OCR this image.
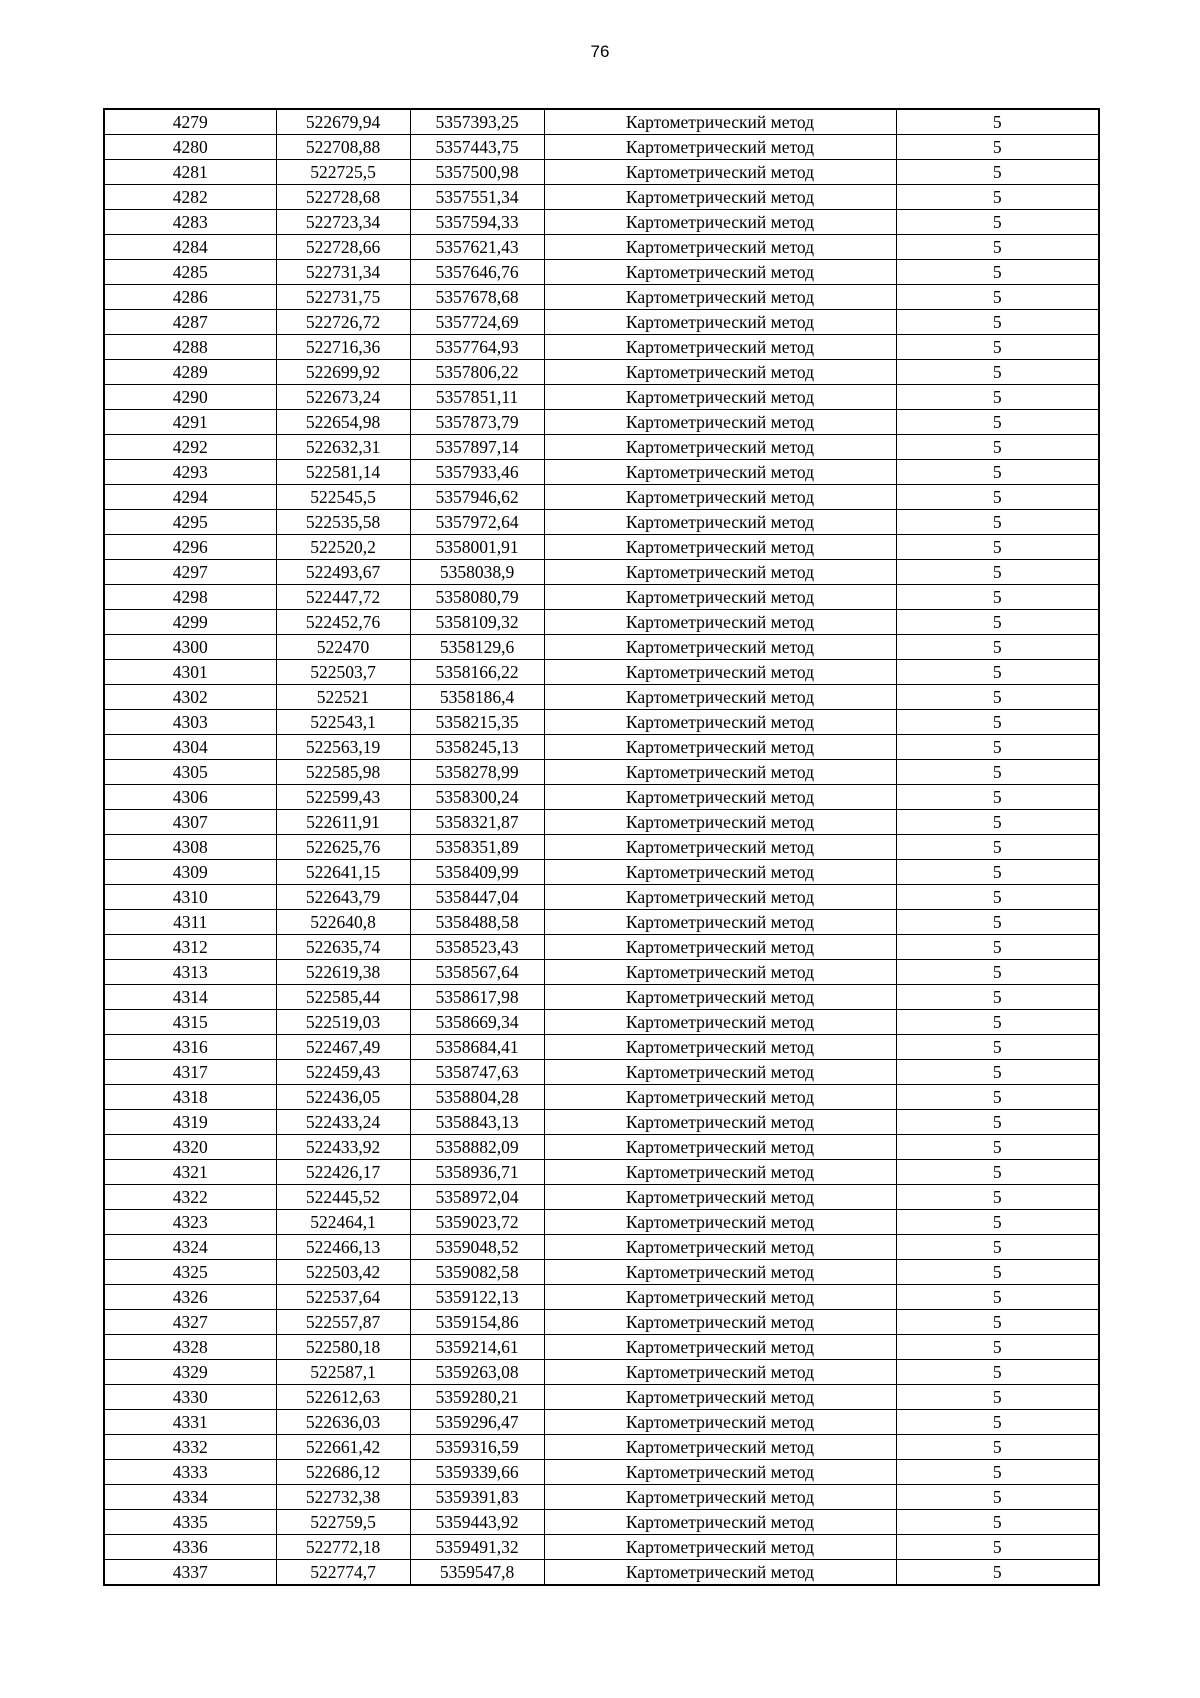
76
4279	522679,94	5357393,25	Картометрический метод	5
4280	522708,88	5357443,75	Картометрический метод	5
4281	522725,5	5357500,98	Картометрический метод	5
4282	522728,68	5357551,34	Картометрический метод	5
4283	522723,34	5357594,33	Картометрический метод	5
4284	522728,66	5357621,43	Картометрический метод	5
4285	522731,34	5357646,76	Картометрический метод	5
4286	522731,75	5357678,68	Картометрический метод	5
4287	522726,72	5357724,69	Картометрический метод	5
4288	522716,36	5357764,93	Картометрический метод	5
4289	522699,92	5357806,22	Картометрический метод	5
4290	522673,24	5357851,11	Картометрический метод	5
4291	522654,98	5357873,79	Картометрический метод	5
4292	522632,31	5357897,14	Картометрический метод	5
4293	522581,14	5357933,46	Картометрический метод	5
4294	522545,5	5357946,62	Картометрический метод	5
4295	522535,58	5357972,64	Картометрический метод	5
4296	522520,2	5358001,91	Картометрический метод	5
4297	522493,67	5358038,9	Картометрический метод	5
4298	522447,72	5358080,79	Картометрический метод	5
4299	522452,76	5358109,32	Картометрический метод	5
4300	522470	5358129,6	Картометрический метод	5
4301	522503,7	5358166,22	Картометрический метод	5
4302	522521	5358186,4	Картометрический метод	5
4303	522543,1	5358215,35	Картометрический метод	5
4304	522563,19	5358245,13	Картометрический метод	5
4305	522585,98	5358278,99	Картометрический метод	5
4306	522599,43	5358300,24	Картометрический метод	5
4307	522611,91	5358321,87	Картометрический метод	5
4308	522625,76	5358351,89	Картометрический метод	5
4309	522641,15	5358409,99	Картометрический метод	5
4310	522643,79	5358447,04	Картометрический метод	5
4311	522640,8	5358488,58	Картометрический метод	5
4312	522635,74	5358523,43	Картометрический метод	5
4313	522619,38	5358567,64	Картометрический метод	5
4314	522585,44	5358617,98	Картометрический метод	5
4315	522519,03	5358669,34	Картометрический метод	5
4316	522467,49	5358684,41	Картометрический метод	5
4317	522459,43	5358747,63	Картометрический метод	5
4318	522436,05	5358804,28	Картометрический метод	5
4319	522433,24	5358843,13	Картометрический метод	5
4320	522433,92	5358882,09	Картометрический метод	5
4321	522426,17	5358936,71	Картометрический метод	5
4322	522445,52	5358972,04	Картометрический метод	5
4323	522464,1	5359023,72	Картометрический метод	5
4324	522466,13	5359048,52	Картометрический метод	5
4325	522503,42	5359082,58	Картометрический метод	5
4326	522537,64	5359122,13	Картометрический метод	5
4327	522557,87	5359154,86	Картометрический метод	5
4328	522580,18	5359214,61	Картометрический метод	5
4329	522587,1	5359263,08	Картометрический метод	5
4330	522612,63	5359280,21	Картометрический метод	5
4331	522636,03	5359296,47	Картометрический метод	5
4332	522661,42	5359316,59	Картометрический метод	5
4333	522686,12	5359339,66	Картометрический метод	5
4334	522732,38	5359391,83	Картометрический метод	5
4335	522759,5	5359443,92	Картометрический метод	5
4336	522772,18	5359491,32	Картометрический метод	5
4337	522774,7	5359547,8	Картометрический метод	5
